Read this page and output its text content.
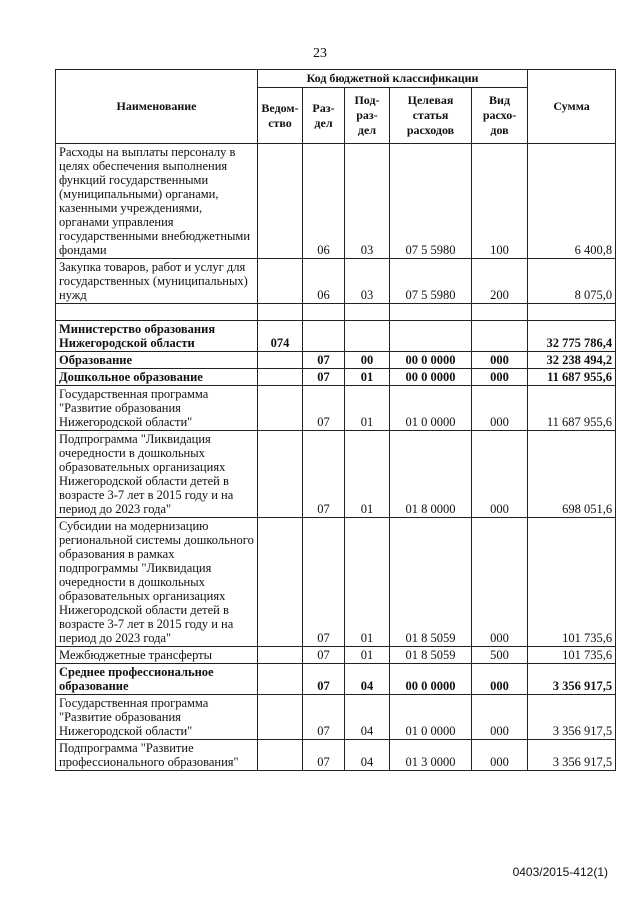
23
Наименование	Код бюджетной классификации					Сумма
	Ведом-ство	Раз-дел	Под-раз-дел	Целевая статья расходов	Вид расхо-дов	
Расходы на выплаты персоналу в целях обеспечения выполнения функций государственными (муниципальными) органами, казенными учреждениями, органами управления государственными внебюджетными фондами		06	03	07 5 5980	100	6 400,8
Закупка товаров, работ и услуг для государственных (муниципальных) нужд		06	03	07 5 5980	200	8 075,0

Министерство образования Нижегородской области	074					32 775 786,4
Образование		07	00	00 0 0000	000	32 238 494,2
Дошкольное образование		07	01	00 0 0000	000	11 687 955,6
Государственная программа "Развитие образования Нижегородской области"		07	01	01 0 0000	000	11 687 955,6
Подпрограмма "Ликвидация очередности в дошкольных образовательных организациях Нижегородской области детей в возрасте 3-7 лет в 2015 году и на период до 2023 года"		07	01	01 8 0000	000	698 051,6
Субсидии на модернизацию региональной системы дошкольного образования в рамках подпрограммы "Ликвидация очередности в дошкольных образовательных организациях Нижегородской области детей в возрасте 3-7 лет в 2015 году и на период до 2023 года"		07	01	01 8 5059	000	101 735,6
Межбюджетные трансферты		07	01	01 8 5059	500	101 735,6
Среднее профессиональное образование		07	04	00 0 0000	000	3 356 917,5
Государственная программа "Развитие образования Нижегородской области"		07	04	01 0 0000	000	3 356 917,5
Подпрограмма "Развитие профессионального образования"		07	04	01 3 0000	000	3 356 917,5
0403/2015-412(1)
